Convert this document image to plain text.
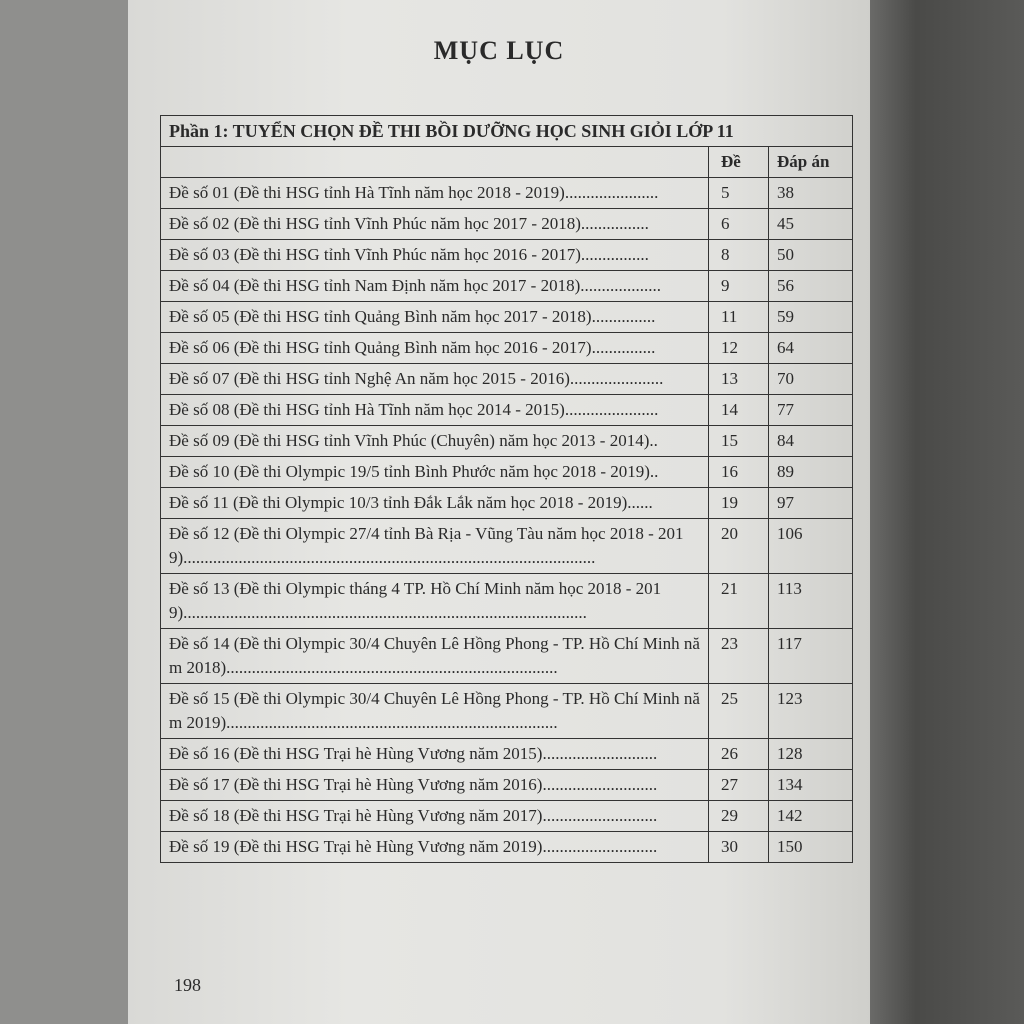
MỤC LỤC
Phần 1: TUYỂN CHỌN ĐỀ THI BỒI DƯỠNG HỌC SINH GIỎI LỚP 11		
	Đề	Đáp án
Đề số 01 (Đề thi HSG tỉnh Hà Tĩnh năm học 2018 - 2019)......................	5	38
Đề số 02 (Đề thi HSG tỉnh Vĩnh Phúc năm học 2017 - 2018)................	6	45
Đề số 03 (Đề thi HSG tỉnh Vĩnh Phúc năm học 2016 - 2017)................	8	50
Đề số 04 (Đề thi HSG tỉnh Nam Định năm học 2017 - 2018)...................	9	56
Đề số 05 (Đề thi HSG tỉnh Quảng Bình năm học 2017 - 2018)...............	11	59
Đề số 06 (Đề thi HSG tỉnh Quảng Bình năm học 2016 - 2017)...............	12	64
Đề số 07 (Đề thi HSG tỉnh Nghệ An năm học 2015 - 2016)......................	13	70
Đề số 08 (Đề thi HSG tỉnh Hà Tĩnh năm học 2014 - 2015)......................	14	77
Đề số 09 (Đề thi HSG tỉnh Vĩnh Phúc (Chuyên) năm học 2013 - 2014)..	15	84
Đề số 10 (Đề thi Olympic 19/5 tỉnh Bình Phước năm học 2018 - 2019)..	16	89
Đề số 11 (Đề thi Olympic 10/3 tỉnh Đắk Lắk năm học 2018 - 2019)......	19	97
Đề số 12 (Đề thi Olympic 27/4 tỉnh Bà Rịa - Vũng Tàu năm học 2018 - 2019).................................................................................................	20	106
Đề số 13 (Đề thi Olympic tháng 4 TP. Hồ Chí Minh năm học 2018 - 2019)...............................................................................................	21	113
Đề số 14 (Đề thi Olympic 30/4 Chuyên Lê Hồng Phong - TP. Hồ Chí Minh năm 2018)..............................................................................	23	117
Đề số 15 (Đề thi Olympic 30/4 Chuyên Lê Hồng Phong - TP. Hồ Chí Minh năm 2019)..............................................................................	25	123
Đề số 16 (Đề thi HSG Trại hè Hùng Vương năm 2015)...........................	26	128
Đề số 17 (Đề thi HSG Trại hè Hùng Vương năm 2016)...........................	27	134
Đề số 18 (Đề thi HSG Trại hè Hùng Vương năm 2017)...........................	29	142
Đề số 19 (Đề thi HSG Trại hè Hùng Vương năm 2019)...........................	30	150
198
